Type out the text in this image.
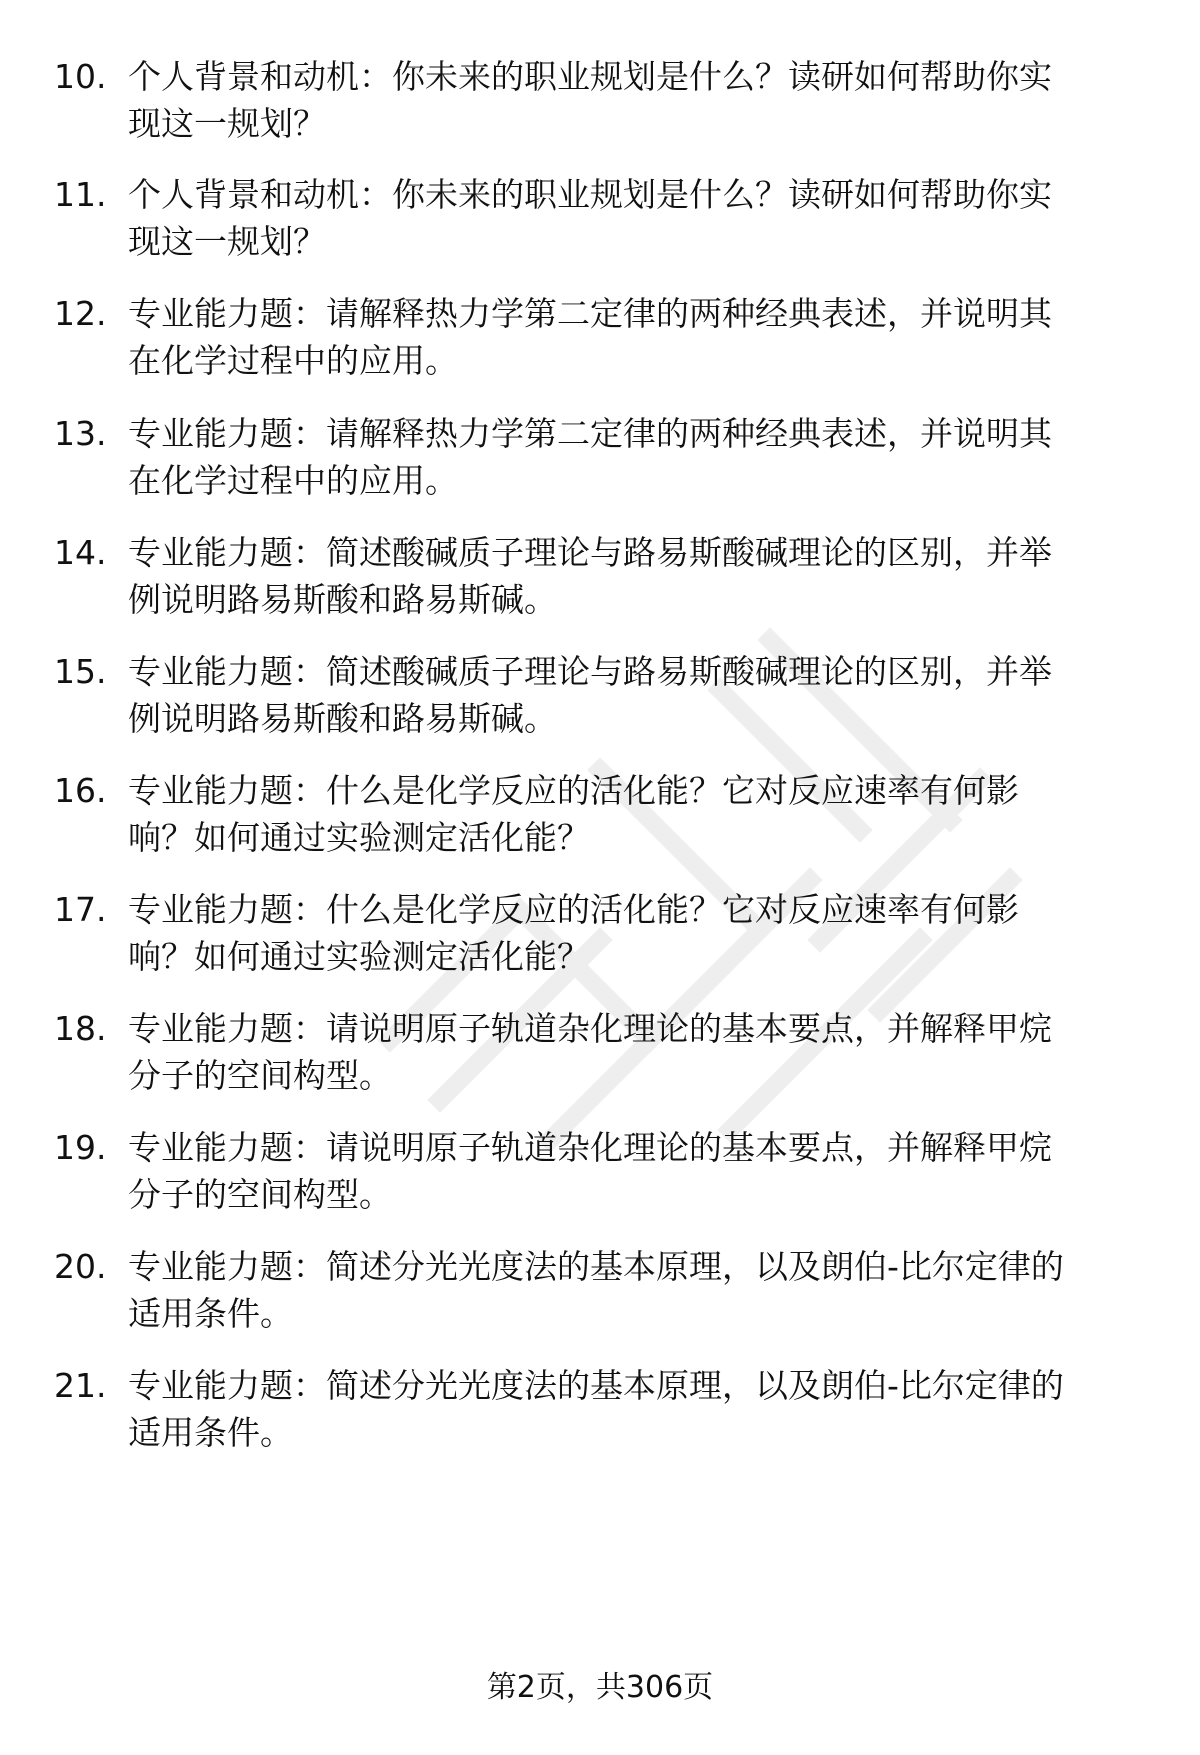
10. 个人背景和动机：你未来的职业规划是什么？读研如何帮助你实
现这一规划？
11. 个人背景和动机：你未来的职业规划是什么？读研如何帮助你实
现这一规划？
12. 专业能力题：请解释热力学第二定律的两种经典表述，并说明其
在化学过程中的应用。
13. 专业能力题：请解释热力学第二定律的两种经典表述，并说明其
在化学过程中的应用。
14. 专业能力题：简述酸碱质子理论与路易斯酸碱理论的区别，并举
例说明路易斯酸和路易斯碱。
15. 专业能力题：简述酸碱质子理论与路易斯酸碱理论的区别，并举
例说明路易斯酸和路易斯碱。
16. 专业能力题：什么是化学反应的活化能？它对反应速率有何影
响？如何通过实验测定活化能？
17. 专业能力题：什么是化学反应的活化能？它对反应速率有何影
响？如何通过实验测定活化能？
18. 专业能力题：请说明原子轨道杂化理论的基本要点，并解释甲烷
分子的空间构型。
19. 专业能力题：请说明原子轨道杂化理论的基本要点，并解释甲烷
分子的空间构型。
20. 专业能力题：简述分光光度法的基本原理，以及朗伯-比尔定律的
适用条件。
21. 专业能力题：简述分光光度法的基本原理，以及朗伯-比尔定律的
适用条件。
第2页，共306页
